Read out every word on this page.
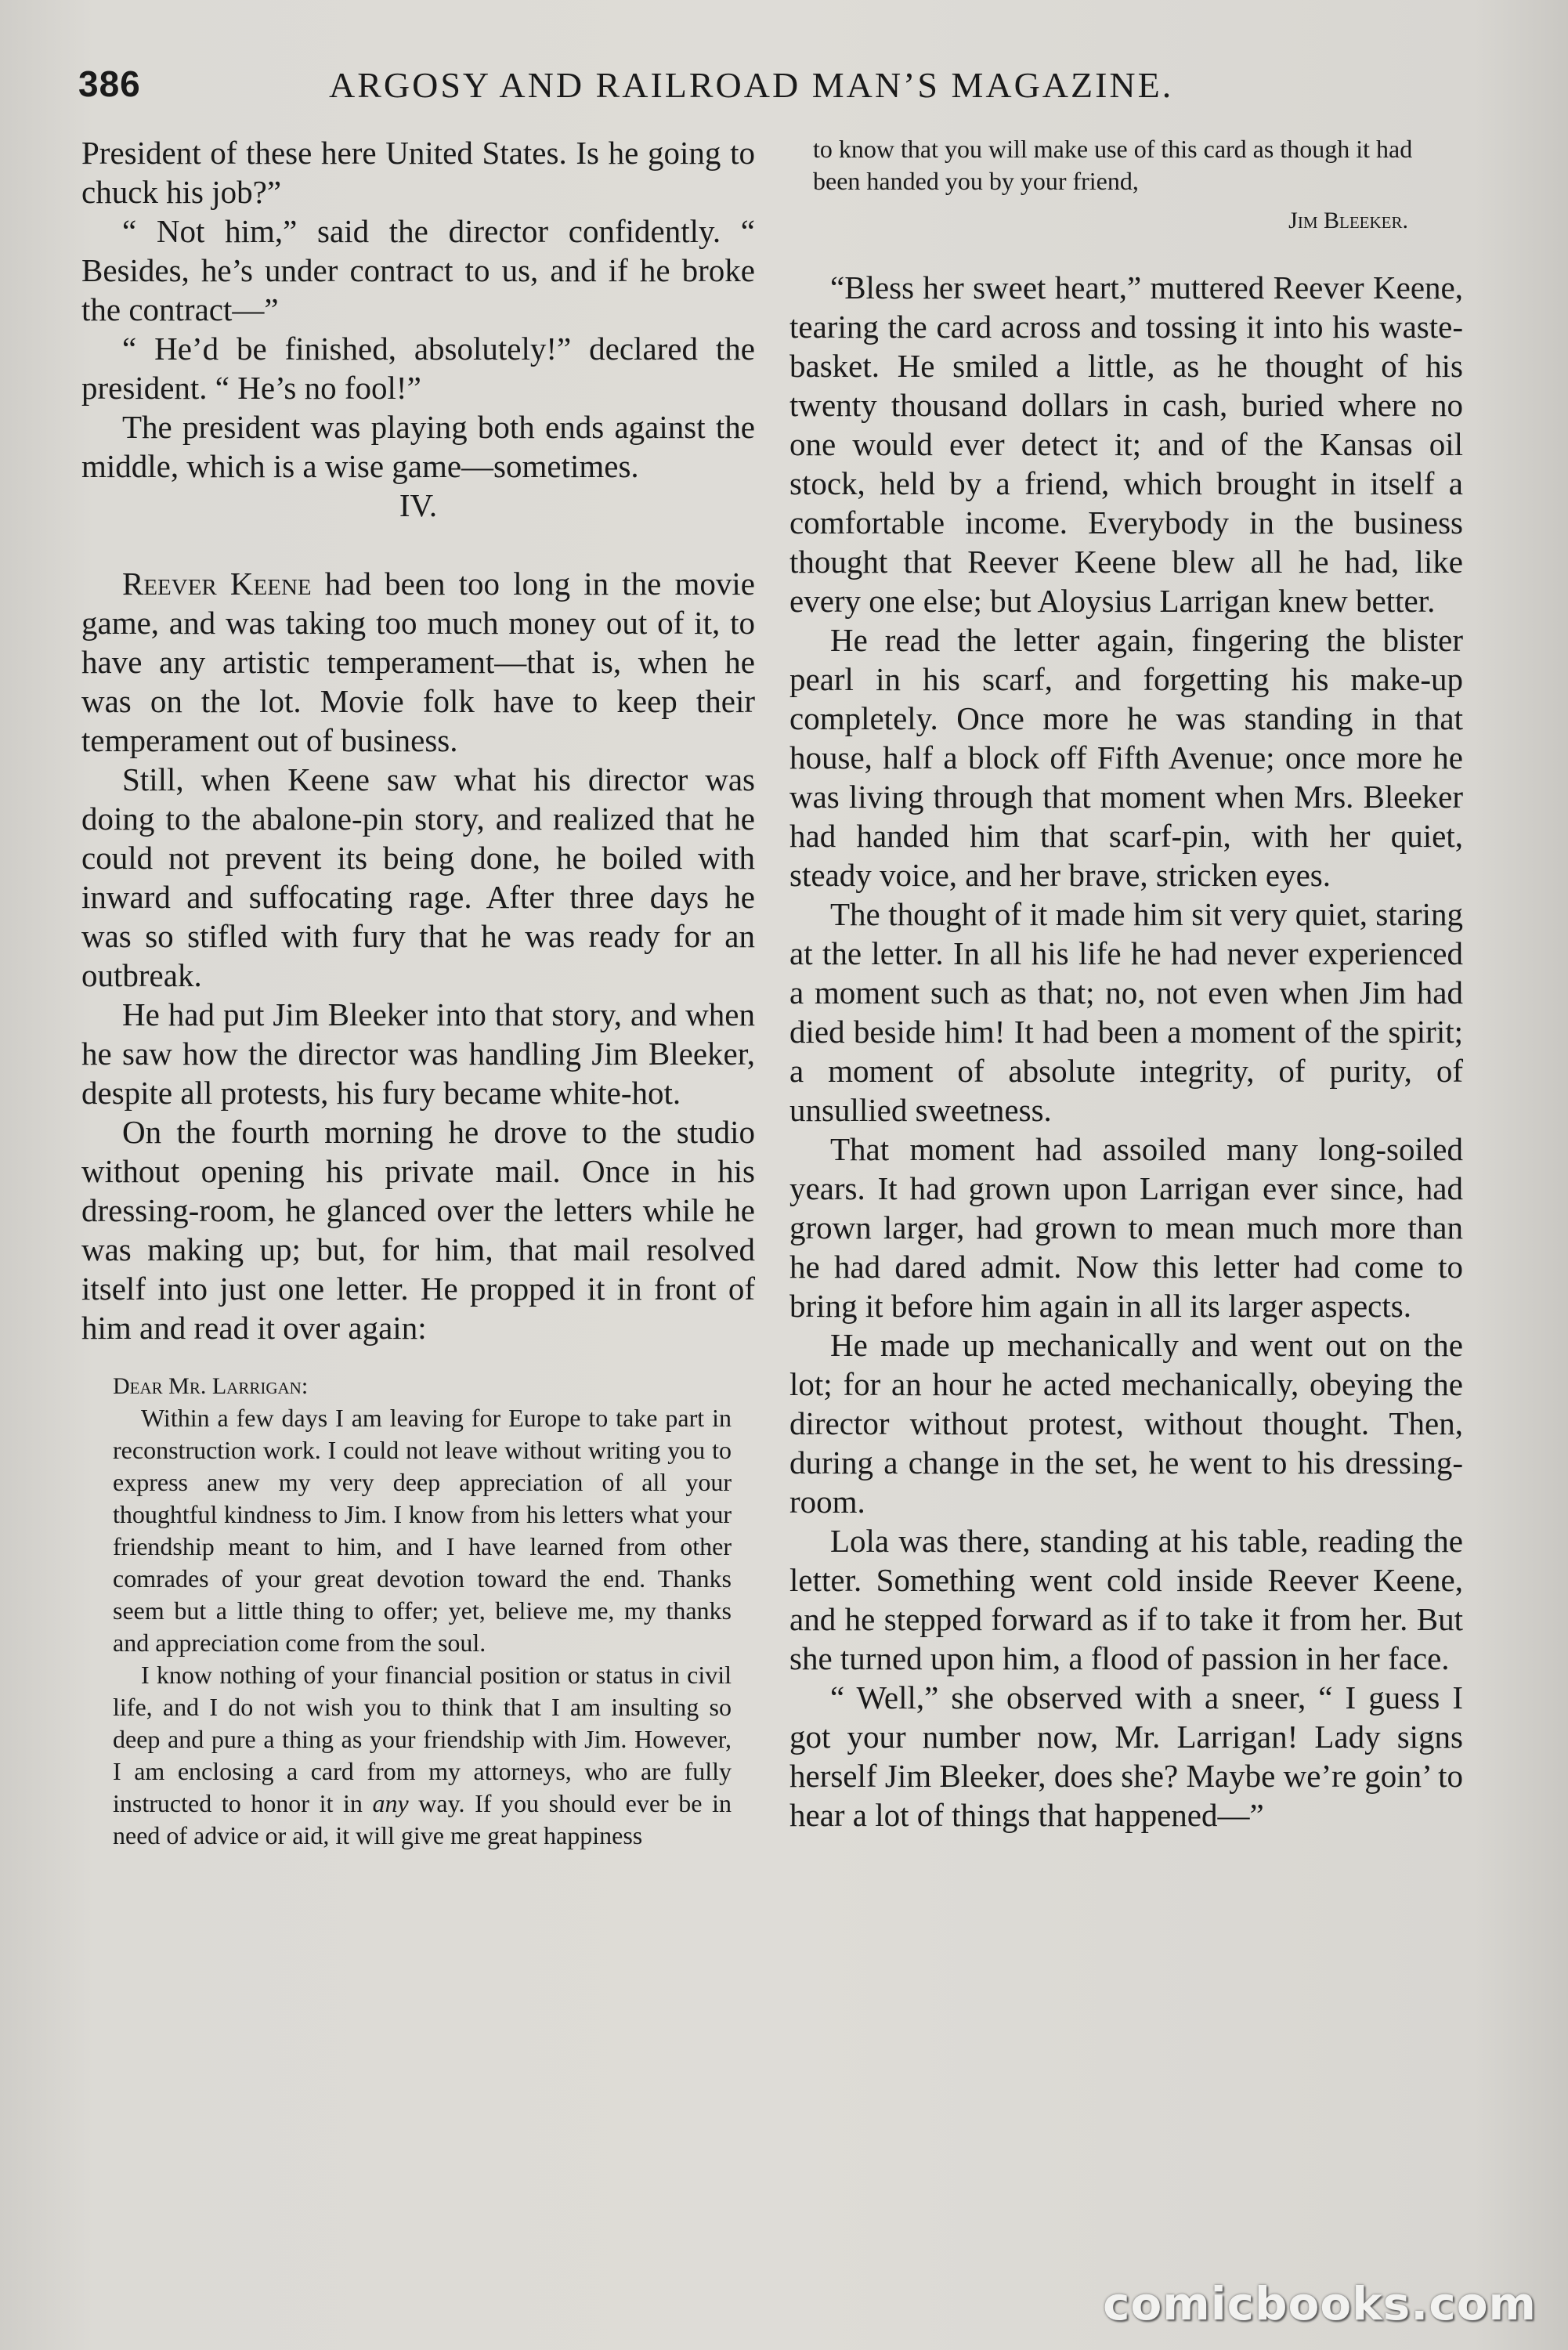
386	ARGOSY AND RAILROAD MAN’S MAGAZINE.

President of these here United States. Is he going to chuck his job?”

“ Not him,” said the director confidently. “ Besides, he’s under contract to us, and if he broke the contract—”

“ He’d be finished, absolutely!” declared the president. “ He’s no fool!”

The president was playing both ends against the middle, which is a wise game—sometimes.

IV.

Reever Keene had been too long in the movie game, and was taking too much money out of it, to have any artistic temperament—that is, when he was on the lot. Movie folk have to keep their temperament out of business.

Still, when Keene saw what his director was doing to the abalone-pin story, and realized that he could not prevent its being done, he boiled with inward and suffocating rage. After three days he was so stifled with fury that he was ready for an outbreak.

He had put Jim Bleeker into that story, and when he saw how the director was handling Jim Bleeker, despite all protests, his fury became white-hot.

On the fourth morning he drove to the studio without opening his private mail. Once in his dressing-room, he glanced over the letters while he was making up; but, for him, that mail resolved itself into just one letter. He propped it in front of him and read it over again:

Dear Mr. Larrigan:

Within a few days I am leaving for Europe to take part in reconstruction work. I could not leave without writing you to express anew my very deep appreciation of all your thoughtful kindness to Jim. I know from his letters what your friendship meant to him, and I have learned from other comrades of your great devotion toward the end. Thanks seem but a little thing to offer; yet, believe me, my thanks and appreciation come from the soul.

I know nothing of your financial position or status in civil life, and I do not wish you to think that I am insulting so deep and pure a thing as your friendship with Jim. However, I am enclosing a card from my attorneys, who are fully instructed to honor it in any way. If you should ever be in need of advice or aid, it will give me great happiness

to know that you will make use of this card as though it had been handed you by your friend,

Jim Bleeker.

“Bless her sweet heart,” muttered Reever Keene, tearing the card across and tossing it into his waste-basket. He smiled a little, as he thought of his twenty thousand dollars in cash, buried where no one would ever detect it; and of the Kansas oil stock, held by a friend, which brought in itself a comfortable income. Everybody in the business thought that Reever Keene blew all he had, like every one else; but Aloysius Larrigan knew better.

He read the letter again, fingering the blister pearl in his scarf, and forgetting his make-up completely. Once more he was standing in that house, half a block off Fifth Avenue; once more he was living through that moment when Mrs. Bleeker had handed him that scarf-pin, with her quiet, steady voice, and her brave, stricken eyes.

The thought of it made him sit very quiet, staring at the letter. In all his life he had never experienced a moment such as that; no, not even when Jim had died beside him! It had been a moment of the spirit; a moment of absolute integrity, of purity, of unsullied sweetness.

That moment had assoiled many long-soiled years. It had grown upon Larrigan ever since, had grown larger, had grown to mean much more than he had dared admit. Now this letter had come to bring it before him again in all its larger aspects.

He made up mechanically and went out on the lot; for an hour he acted mechanically, obeying the director without protest, without thought. Then, during a change in the set, he went to his dressing-room.

Lola was there, standing at his table, reading the letter. Something went cold inside Reever Keene, and he stepped forward as if to take it from her. But she turned upon him, a flood of passion in her face.

“ Well,” she observed with a sneer, “ I guess I got your number now, Mr. Larrigan! Lady signs herself Jim Bleeker, does she? Maybe we’re goin’ to hear a lot of things that happened—”

comicbooks.com
